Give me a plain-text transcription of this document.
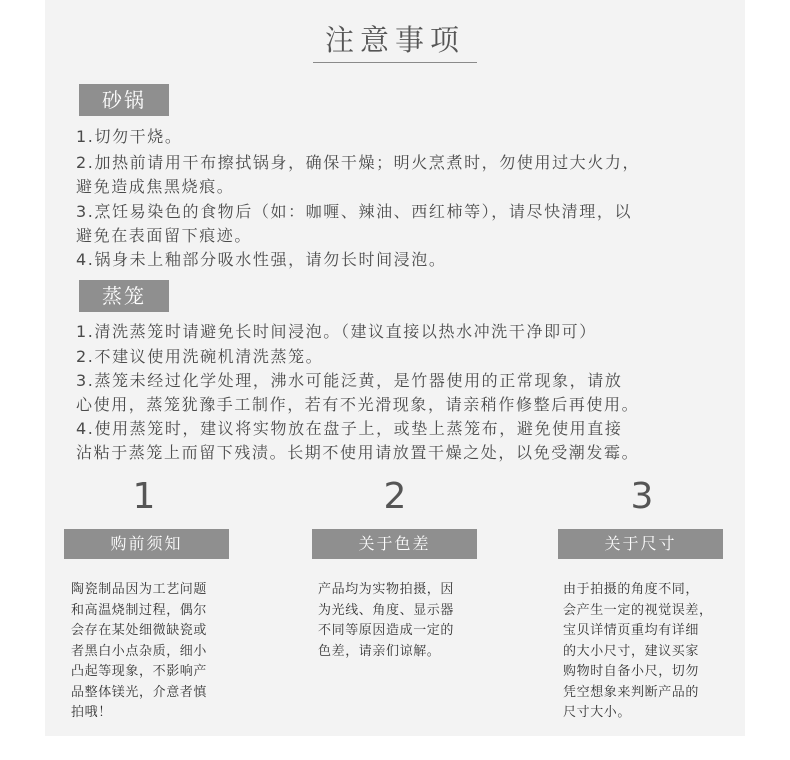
注意事项
砂锅
1.切勿干烧。
2.加热前请用干布擦拭锅身，确保干燥；明火烹煮时，勿使用过大火力，
避免造成焦黑烧痕。
3.烹饪易染色的食物后（如：咖喱、辣油、西红柿等），请尽快清理，以
避免在表面留下痕迹。
4.锅身未上釉部分吸水性强，请勿长时间浸泡。
蒸笼
1.清洗蒸笼时请避免长时间浸泡。（建议直接以热水冲洗干净即可）
2.不建议使用洗碗机清洗蒸笼。
3.蒸笼未经过化学处理，沸水可能泛黄，是竹器使用的正常现象，请放
心使用，蒸笼犹豫手工制作，若有不光滑现象，请亲稍作修整后再使用。
4.使用蒸笼时，建议将实物放在盘子上，或垫上蒸笼布，避免使用直接
沾粘于蒸笼上而留下残渍。长期不使用请放置干燥之处，以免受潮发霉。
1
购前须知
陶瓷制品因为工艺问题
和高温烧制过程，偶尔
会存在某处细微缺瓷或
者黑白小点杂质，细小
凸起等现象，不影响产
品整体镁光，介意者慎
拍哦！
2
关于色差
产品均为实物拍摄，因
为光线、角度、显示器
不同等原因造成一定的
色差，请亲们谅解。
3
关于尺寸
由于拍摄的角度不同，
会产生一定的视觉误差，
宝贝详情页重均有详细
的大小尺寸，建议买家
购物时自备小尺，切勿
凭空想象来判断产品的
尺寸大小。
